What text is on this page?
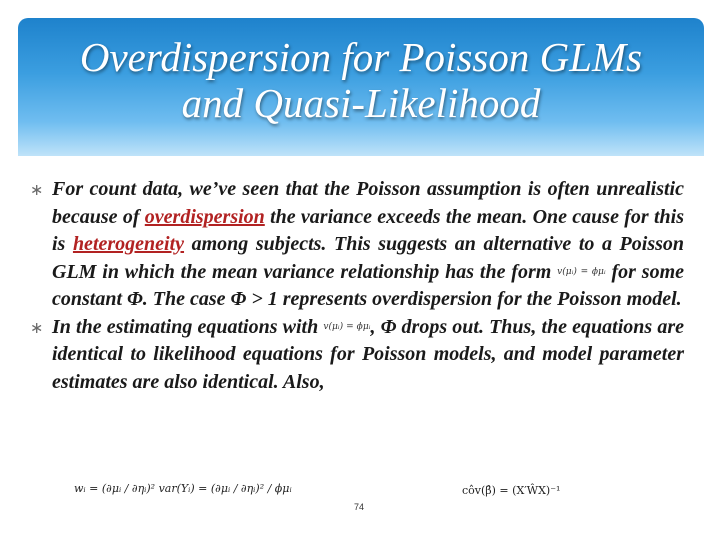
Overdispersion for Poisson GLMs
and Quasi-Likelihood
∗ For count data, we’ve seen that the Poisson assumption is often unrealistic because of overdispersion the variance exceeds the mean. One cause for this is heterogeneity among subjects. This suggests an alternative to a Poisson GLM in which the mean variance relationship has the form $^{v(\mu ᵢ) = \phi\mu ᵢ}$ for some constant Φ. The case Φ > 1 represents overdispersion for the Poisson model.
∗ In the estimating equations with $^{v(\mu ᵢ) = \phi\mu ᵢ}$, Φ drops out. Thus, the equations are identical to likelihood equations for Poisson models, and model parameter estimates are also identical. Also,
wᵢ = (∂μᵢ / ∂ηᵢ)² var(Yᵢ) = (∂μᵢ / ∂ηᵢ)² / ϕμᵢ	côv(β̂) = (X′ŴX)⁻¹
74
